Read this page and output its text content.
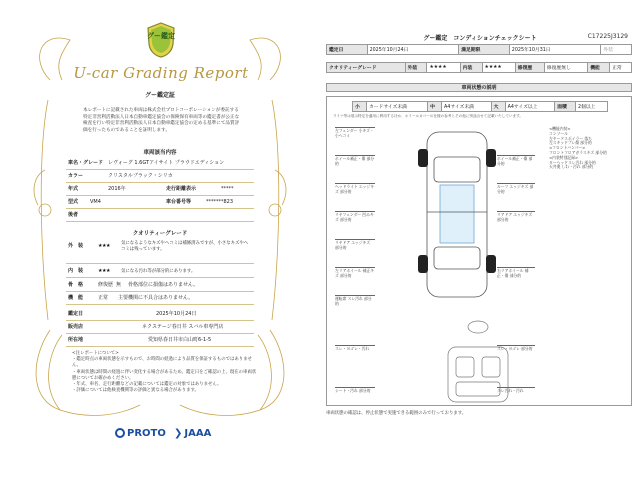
グー鑑定
U-car Grading Report
グー鑑定証
本レポートに記載された車両は株式会社プロトコーポレーションが委託する特定非営利活動法人日本自動車鑑定協会の保険保有車両等の鑑定書が公正な検査を行い特定非営利活動法人日本自動車鑑定協会の定める基準にて品質評価を行ったものであることを証明します。
車両該当内容
車名・グレード レヴォーグ 1.6GTアイサイト プラウドエディション
カラー	クリスタルブラック・シリカ
年式	2016年	走行距離表示	*****
型式 VM4	車台番号等	*******823
後者
クオリティーグレード
外　装	★★★	気になるようなキズやヘコミは補修済みですが、小さなキズやヘコミは残っています。
内　装	★★★	気になる汚れ等が部分的にあります。
骨　格	修復歴 無 骨格部位に損傷はありません。
機　能	正常 主要機関に不具合はありません。
鑑定日	2025年10月24日
販売店	ネクステージ春日井 スバル車専門店
所在地	愛知県春日井市白山町6-1-5
<注レポートについて>
・鑑定時点の車両状態を示すもので、お時間の経過により品質を保証するものではありません。
・車両状態は時間の経過に伴い変化する場合があるため、鑑定日をご確認の上、現在の車両状態についてお確かめください。
・年式、車名、走行距離などの記載については鑑定の対象ではありません。
・評価については他検査機関等の評価と異なる場合があります。
PROTO ❯ JAAA
C17225J3129
グー鑑定　コンディションチェックシート
鑑定日	2025年10月24日	満足期限	2025年10月31日	外装
クオリティーグレード	外装	★★★★	内装	★★★★	修復歴	修復歴無し	機能	正常
車両状態の説明
小	カードサイズ未満	中	A4サイズ未満	大	A4サイズ以上	面積	2個以上
ライナ等は展示特定を適用に利用するほか、ホイールカバーの仕様の参考とその他に別途合せて記載いたしています。
左フェンダー 小キズ・小ヘコミ
ホイール補正・傷 部分的
ヘッドライト エッジキズ 部分的
リヤフェンダー 凹みキズ 部分的
リヤドア エッジキズ 部分的
左リアホイール 補正キズ 部分的
運転席 スレ汚れ 部分的
ホイール補正・傷 部分的
ルーフ エッジキズ 部分的
リアドア エッジキズ 部分的
右リアホイール 補正・傷 部分的
スレ・ヨゴレ・汚れ	スレ・ヨゴレ 部分的
シート・汚れ 部分的	スレ汚れ・汚れ
<機能内装>
コンソール
左ヤードスポイラー 落ち
左スキッドプレ傷 部分的
<フロントバンパー>
フロントフロアガラスキズ 部分的
<内装特別記録>
ターヘッドスレ汚れ 部分的
天井奥 しわ・汚れ 部分的
車両状態の確認は、停止状態で実施できる範囲のみで行っております。
